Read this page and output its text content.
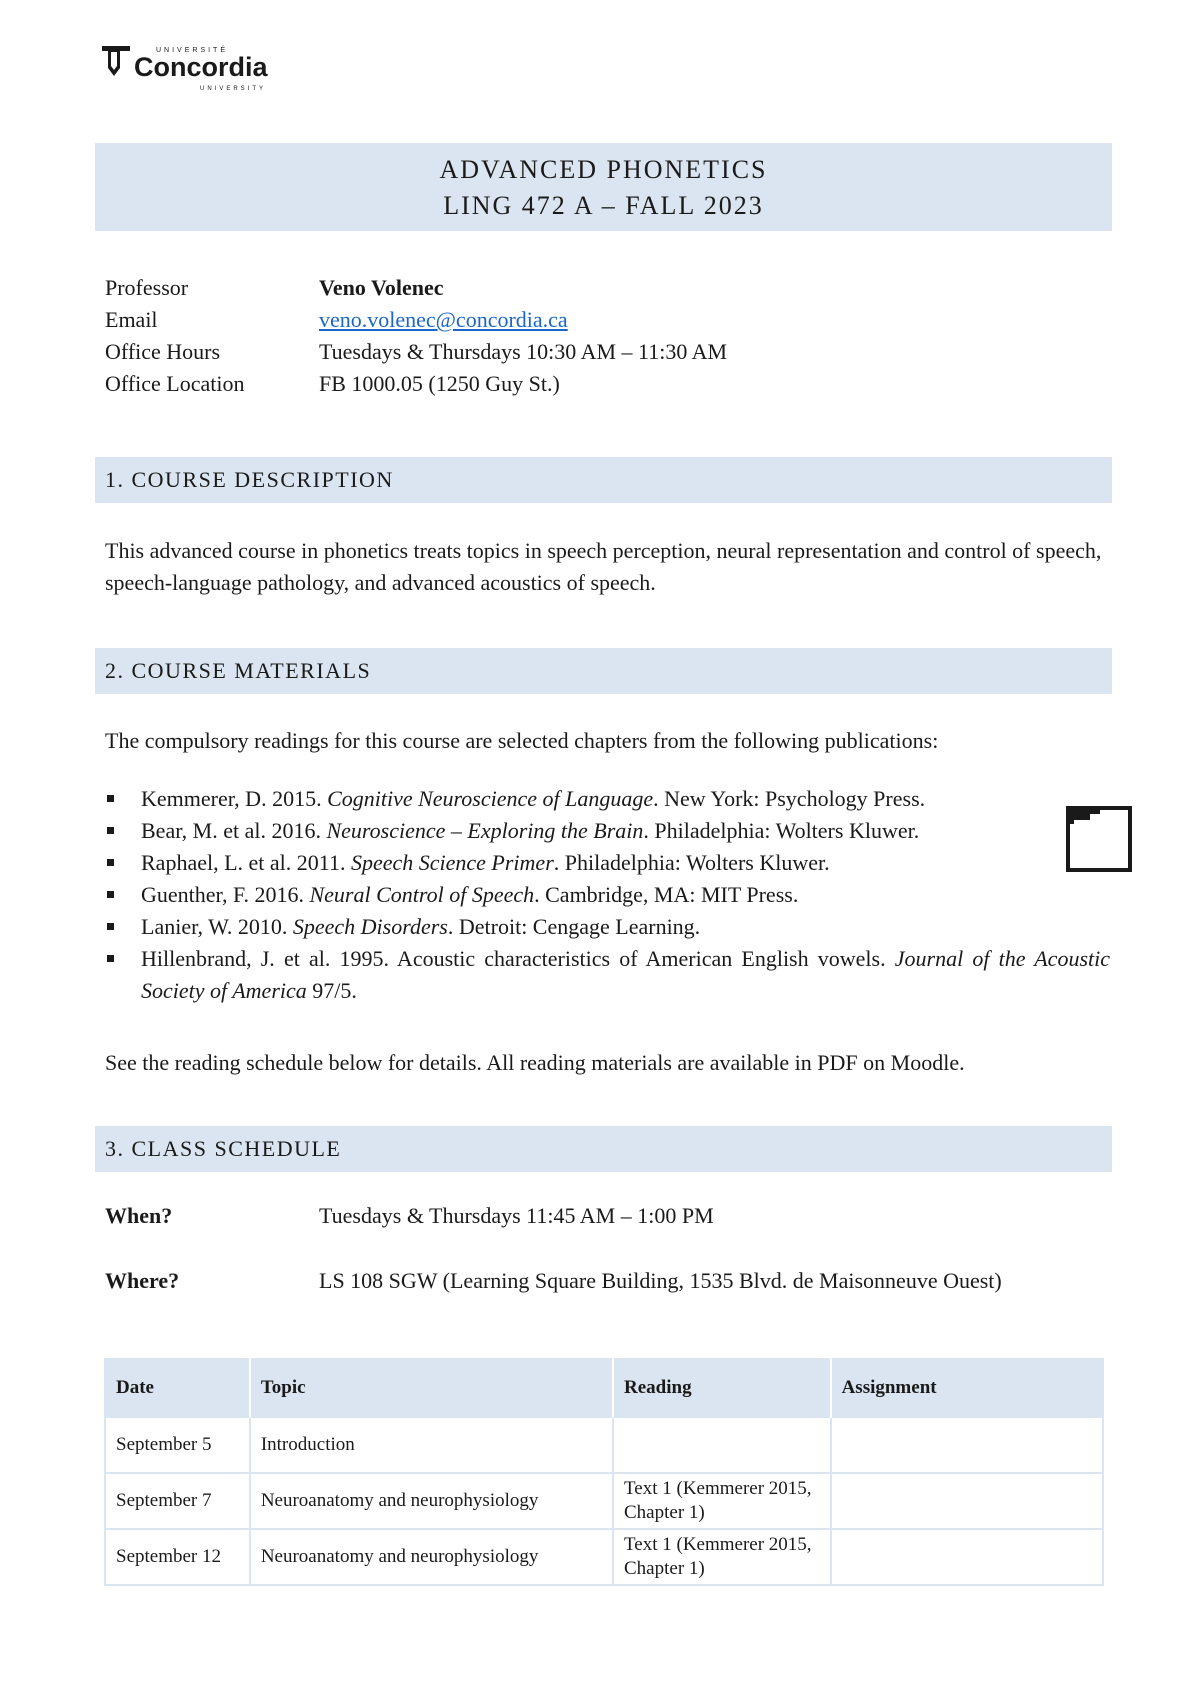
UNIVERSITÉ
Concordia
UNIVERSITY
ADVANCED PHONETICS
LING 472 A – FALL 2023
Professor	Veno Volenec
Email	veno.volenec@concordia.ca
Office Hours	Tuesdays & Thursdays 10:30 AM – 11:30 AM
Office Location	FB 1000.05 (1250 Guy St.)
1. COURSE DESCRIPTION

This advanced course in phonetics treats topics in speech perception, neural representation and control of speech, speech-language pathology, and advanced acoustics of speech.

2. COURSE MATERIALS

The compulsory readings for this course are selected chapters from the following publications:

Kemmerer, D. 2015. Cognitive Neuroscience of Language. New York: Psychology Press.
Bear, M. et al. 2016. Neuroscience – Exploring the Brain. Philadelphia: Wolters Kluwer.
Raphael, L. et al. 2011. Speech Science Primer. Philadelphia: Wolters Kluwer.
Guenther, F. 2016. Neural Control of Speech. Cambridge, MA: MIT Press.
Lanier, W. 2010. Speech Disorders. Detroit: Cengage Learning.
Hillenbrand, J. et al. 1995. Acoustic characteristics of American English vowels. Journal of the Acoustic Society of America 97/5.

See the reading schedule below for details. All reading materials are available in PDF on Moodle.

3. CLASS SCHEDULE
When?	Tuesdays & Thursdays 11:45 AM – 1:00 PM
Where?	LS 108 SGW (Learning Square Building, 1535 Blvd. de Maisonneuve Ouest)
Date	Topic	Reading	Assignment
September 5	Introduction		
September 7	Neuroanatomy and neurophysiology	Text 1 (Kemmerer 2015, Chapter 1)	
September 12	Neuroanatomy and neurophysiology	Text 1 (Kemmerer 2015, Chapter 1)	
